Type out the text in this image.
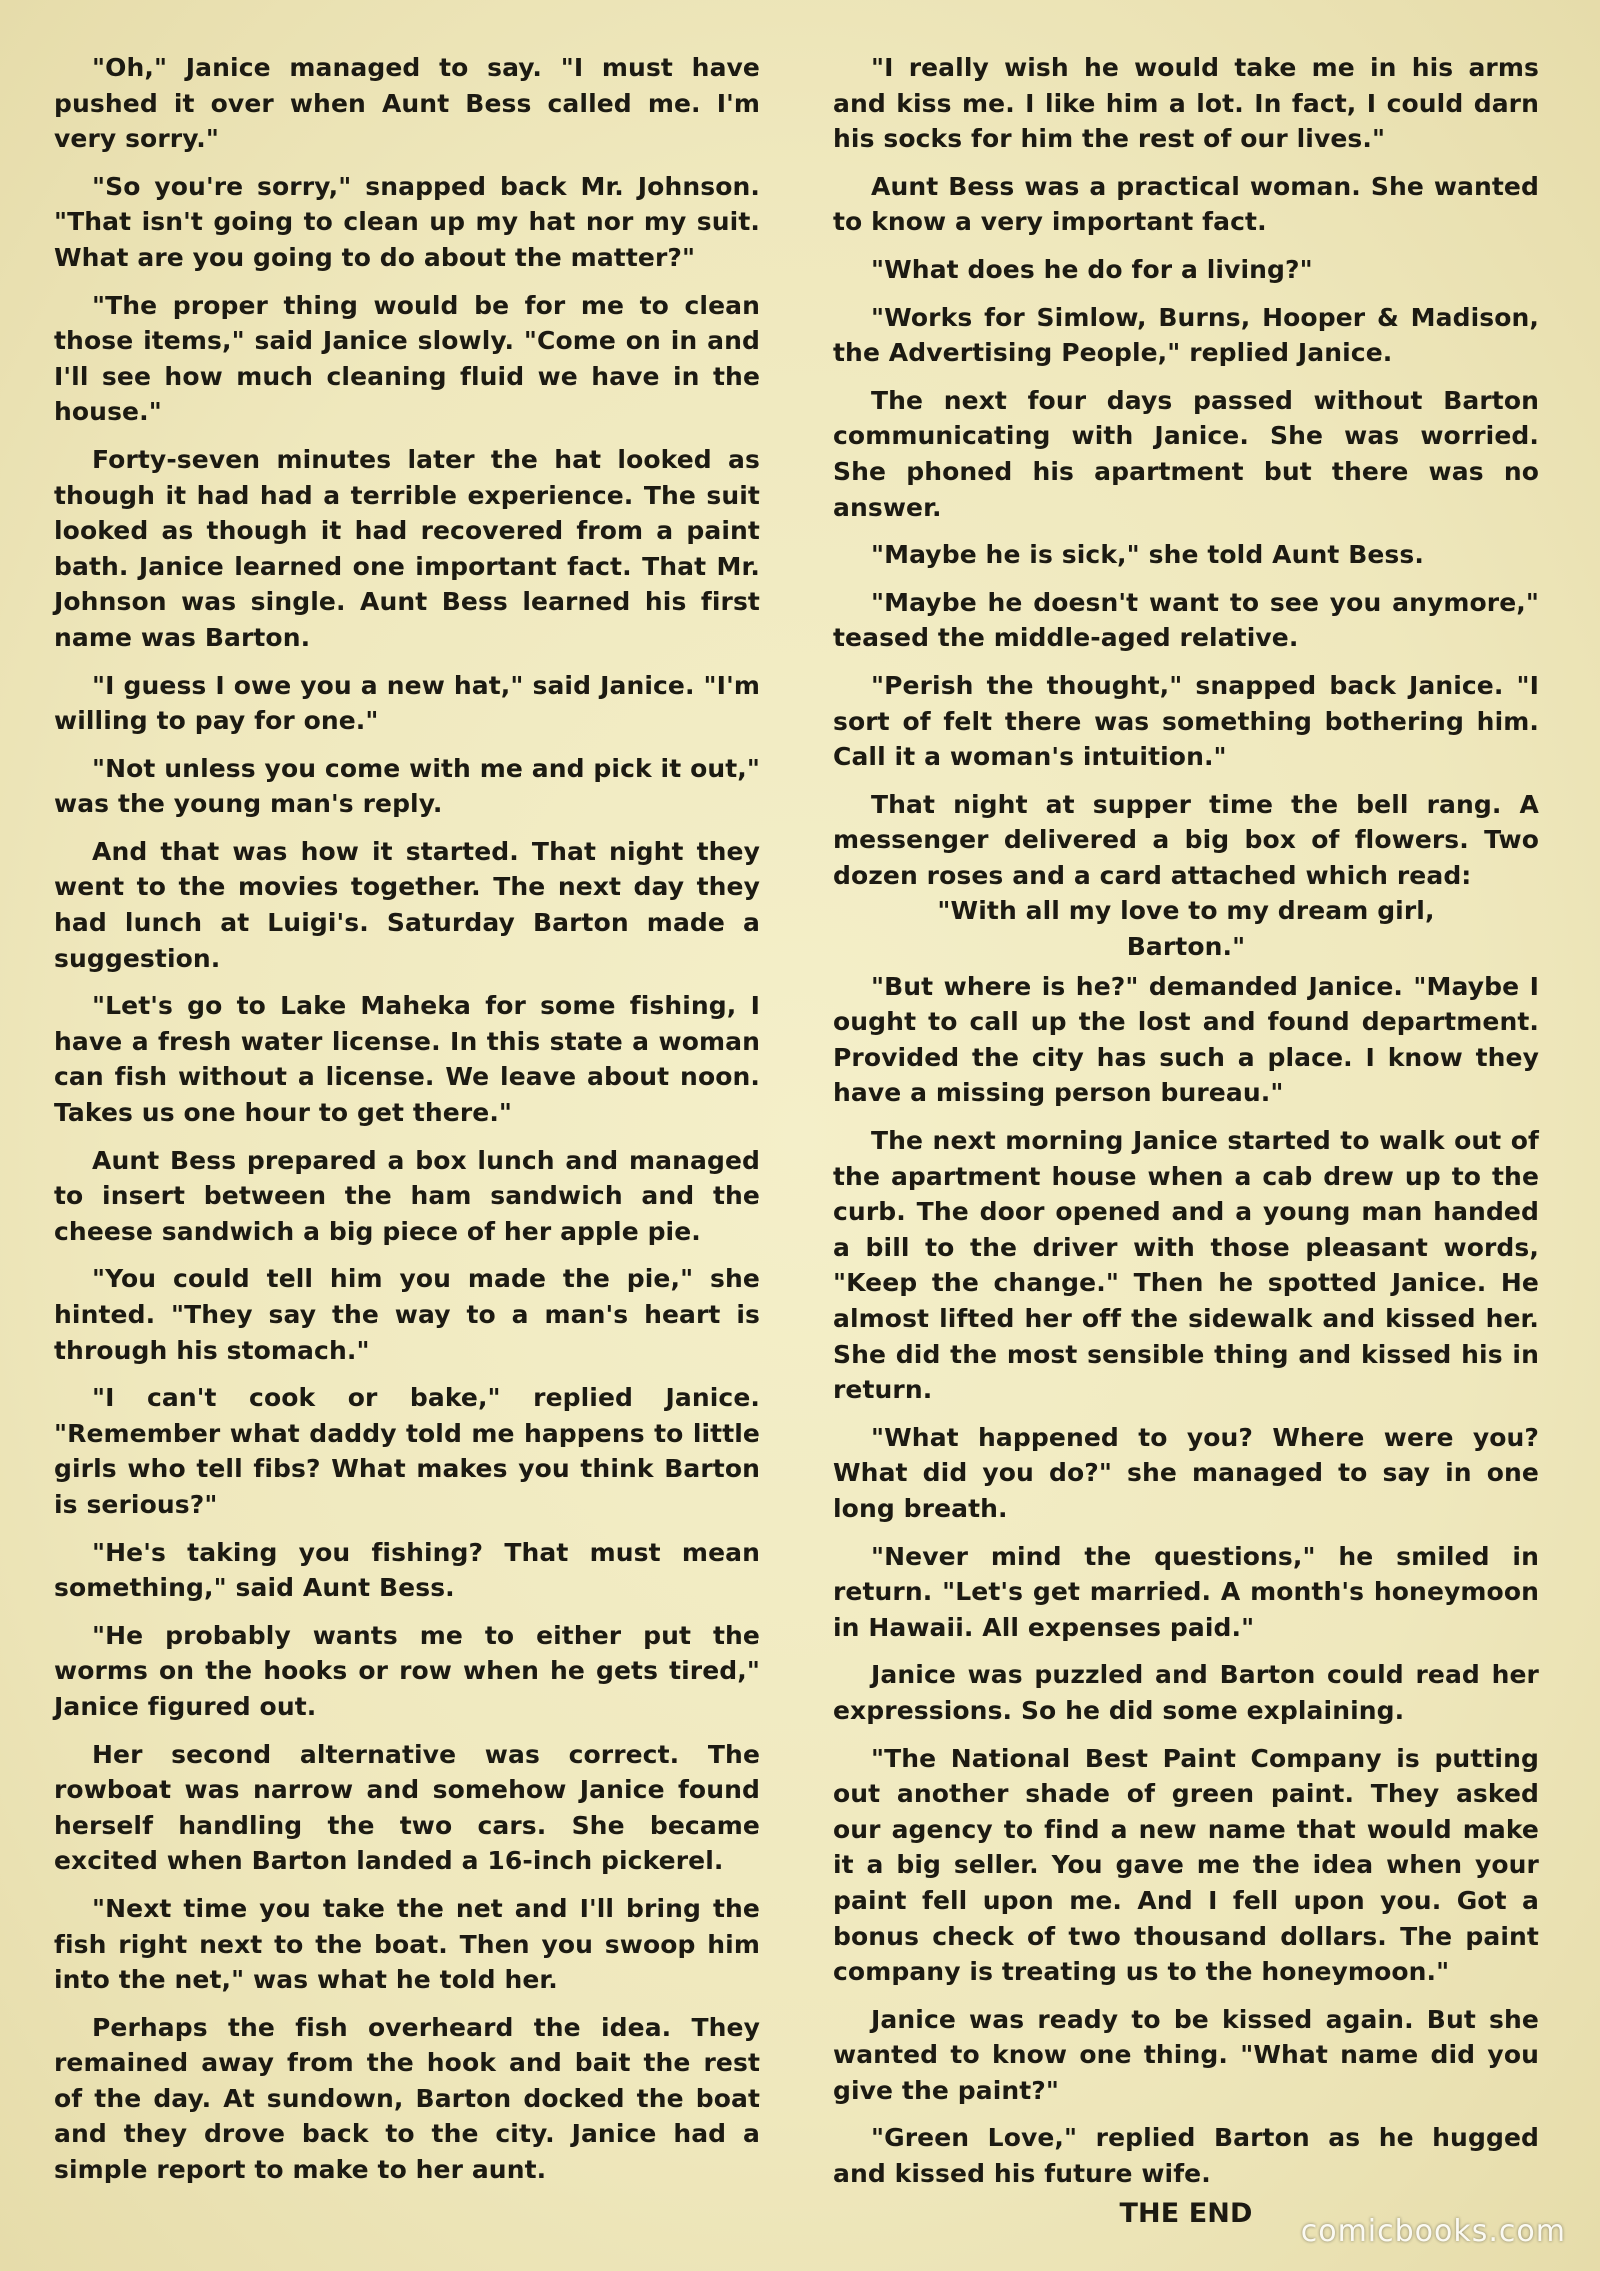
"Oh," Janice managed to say. "I must have pushed it over when Aunt Bess called me. I'm very sorry."

"So you're sorry," snapped back Mr. Johnson. "That isn't going to clean up my hat nor my suit. What are you going to do about the matter?"

"The proper thing would be for me to clean those items," said Janice slowly. "Come on in and I'll see how much cleaning fluid we have in the house."

Forty-seven minutes later the hat looked as though it had had a terrible experience. The suit looked as though it had recovered from a paint bath. Janice learned one important fact. That Mr. Johnson was single. Aunt Bess learned his first name was Barton.

"I guess I owe you a new hat," said Janice. "I'm willing to pay for one."

"Not unless you come with me and pick it out," was the young man's reply.

And that was how it started. That night they went to the movies together. The next day they had lunch at Luigi's. Saturday Barton made a suggestion.

"Let's go to Lake Maheka for some fishing, I have a fresh water license. In this state a woman can fish without a license. We leave about noon. Takes us one hour to get there."

Aunt Bess prepared a box lunch and managed to insert between the ham sandwich and the cheese sandwich a big piece of her apple pie.

"You could tell him you made the pie," she hinted. "They say the way to a man's heart is through his stomach."

"I can't cook or bake," replied Janice. "Remember what daddy told me happens to little girls who tell fibs? What makes you think Barton is serious?"

"He's taking you fishing? That must mean something," said Aunt Bess.

"He probably wants me to either put the worms on the hooks or row when he gets tired," Janice figured out.

Her second alternative was correct. The rowboat was narrow and somehow Janice found herself handling the two cars. She became excited when Barton landed a 16-inch pickerel.

"Next time you take the net and I'll bring the fish right next to the boat. Then you swoop him into the net," was what he told her.

Perhaps the fish overheard the idea. They remained away from the hook and bait the rest of the day. At sundown, Barton docked the boat and they drove back to the city. Janice had a simple report to make to her aunt.

"I really wish he would take me in his arms and kiss me. I like him a lot. In fact, I could darn his socks for him the rest of our lives."

Aunt Bess was a practical woman. She wanted to know a very important fact.

"What does he do for a living?"

"Works for Simlow, Burns, Hooper & Madison, the Advertising People," replied Janice.

The next four days passed without Barton communicating with Janice. She was worried. She phoned his apartment but there was no answer.

"Maybe he is sick," she told Aunt Bess.

"Maybe he doesn't want to see you anymore," teased the middle-aged relative.

"Perish the thought," snapped back Janice. "I sort of felt there was something bothering him. Call it a woman's intuition."

That night at supper time the bell rang. A messenger delivered a big box of flowers. Two dozen roses and a card attached which read:

"With all my love to my dream girl,

Barton."

"But where is he?" demanded Janice. "Maybe I ought to call up the lost and found department. Provided the city has such a place. I know they have a missing person bureau."

The next morning Janice started to walk out of the apartment house when a cab drew up to the curb. The door opened and a young man handed a bill to the driver with those pleasant words, "Keep the change." Then he spotted Janice. He almost lifted her off the sidewalk and kissed her. She did the most sensible thing and kissed his in return.

"What happened to you? Where were you? What did you do?" she managed to say in one long breath.

"Never mind the questions," he smiled in return. "Let's get married. A month's honeymoon in Hawaii. All expenses paid."

Janice was puzzled and Barton could read her expressions. So he did some explaining.

"The National Best Paint Company is putting out another shade of green paint. They asked our agency to find a new name that would make it a big seller. You gave me the idea when your paint fell upon me. And I fell upon you. Got a bonus check of two thousand dollars. The paint company is treating us to the honeymoon."

Janice was ready to be kissed again. But she wanted to know one thing. "What name did you give the paint?"

"Green Love," replied Barton as he hugged and kissed his future wife.

THE END

comicbooks.com
